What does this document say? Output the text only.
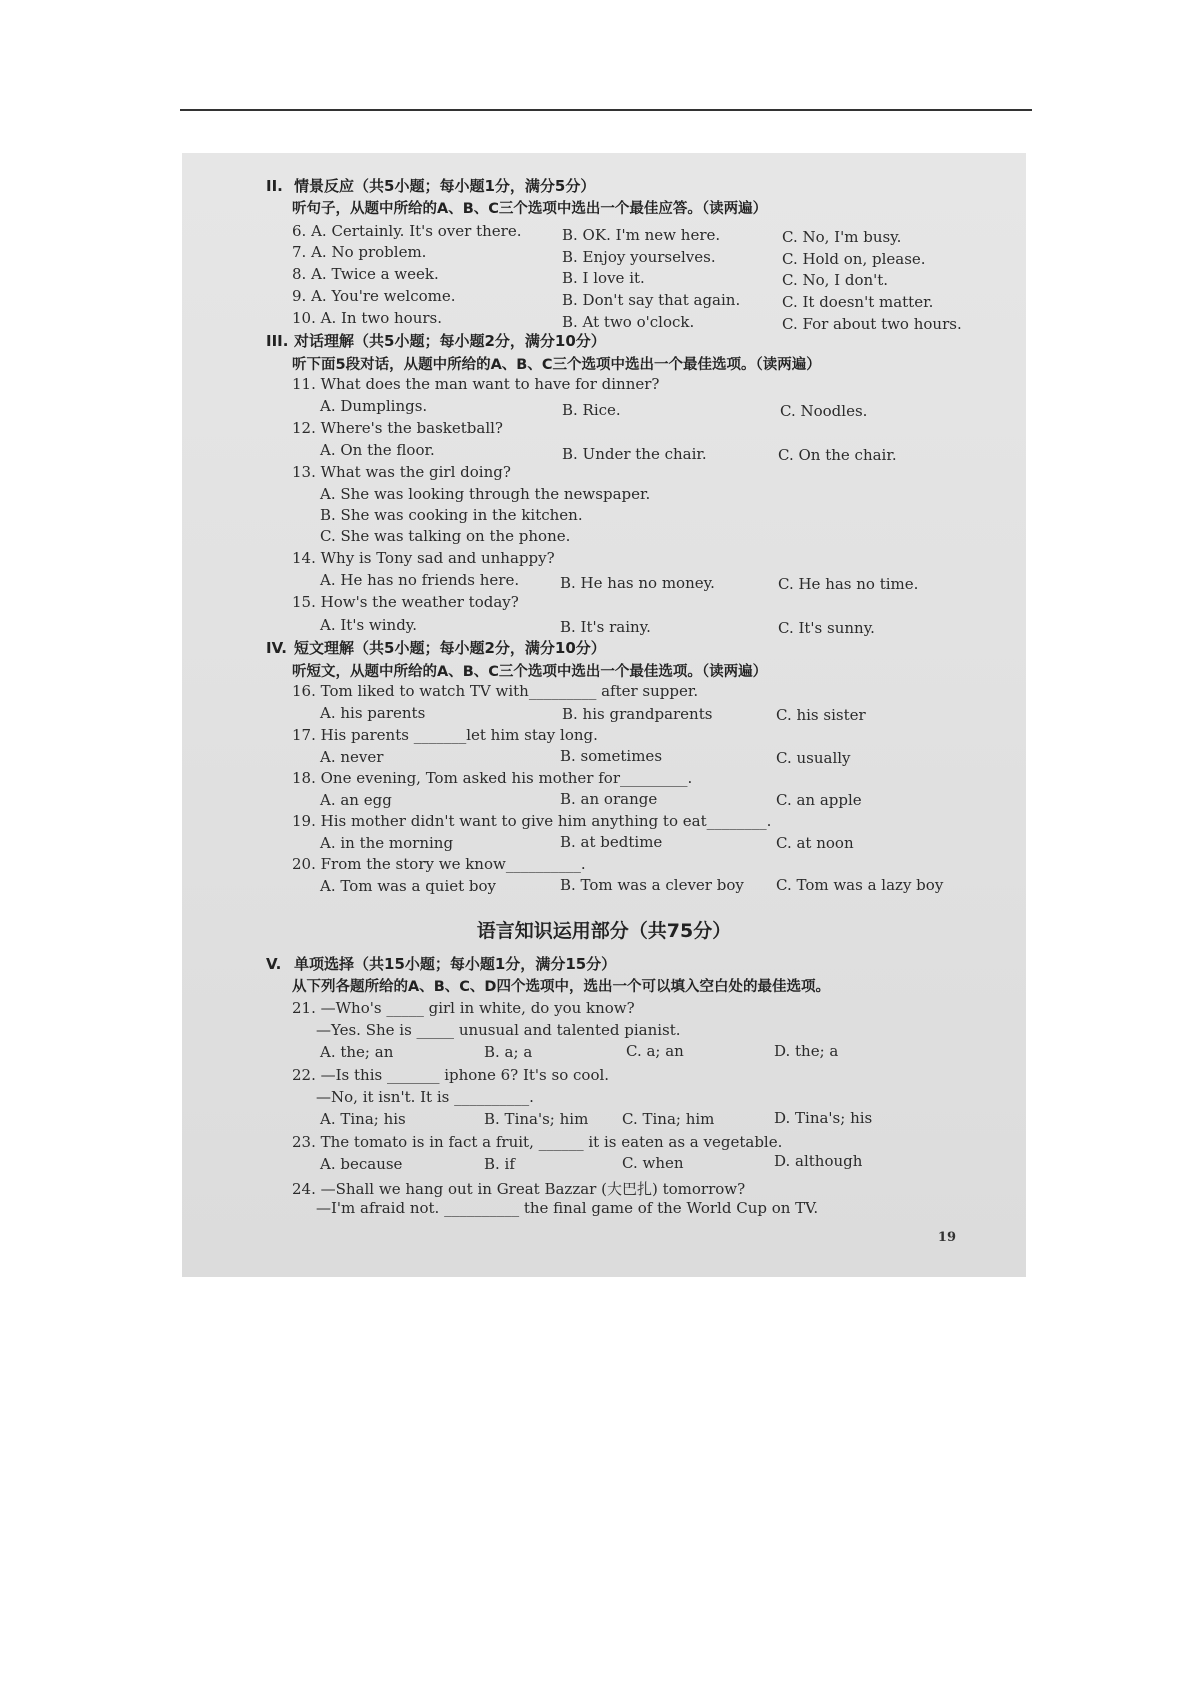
II. 情景反应（共5小题；每小题1分，满分5分）
听句子，从题中所给的A、B、C三个选项中选出一个最佳应答。（读两遍）
6. A. Certainly. It's over there.	B. OK. I'm new here.	C. No, I'm busy.
7. A. No problem.	B. Enjoy yourselves.	C. Hold on, please.
8. A. Twice a week.	B. I love it.	C. No, I don't.
9. A. You're welcome.	B. Don't say that again.	C. It doesn't matter.
10. A. In two hours.	B. At two o'clock.	C. For about two hours.
III. 对话理解（共5小题；每小题2分，满分10分）
听下面5段对话，从题中所给的A、B、C三个选项中选出一个最佳选项。（读两遍）
11. What does the man want to have for dinner?
A. Dumplings.	B. Rice.	C. Noodles.
12. Where's the basketball?
A. On the floor.	B. Under the chair.	C. On the chair.
13. What was the girl doing?
A. She was looking through the newspaper.
B. She was cooking in the kitchen.
C. She was talking on the phone.
14. Why is Tony sad and unhappy?
A. He has no friends here.	B. He has no money.	C. He has no time.
15. How's the weather today?
A. It's windy.	B. It's rainy.	C. It's sunny.
IV. 短文理解（共5小题；每小题2分，满分10分）
听短文，从题中所给的A、B、C三个选项中选出一个最佳选项。（读两遍）
16. Tom liked to watch TV with_________ after supper.
A. his parents	B. his grandparents	C. his sister
17. His parents _______let him stay long.
A. never	B. sometimes	C. usually
18. One evening, Tom asked his mother for_________.
A. an egg	B. an orange	C. an apple
19. His mother didn't want to give him anything to eat________.
A. in the morning	B. at bedtime	C. at noon
20. From the story we know__________.
A. Tom was a quiet boy	B. Tom was a clever boy C. Tom was a lazy boy
语言知识运用部分（共75分）
V. 单项选择（共15小题；每小题1分，满分15分）
从下列各题所给的A、B、C、D四个选项中，选出一个可以填入空白处的最佳选项。
21. —Who's _____ girl in white, do you know?
—Yes. She is _____ unusual and talented pianist.
A. the; an	B. a; a	C. a; an	D. the; a
22. —Is this _______ iphone 6? It's so cool.
—No, it isn't. It is __________.
A. Tina; his	B. Tina's; him C. Tina; him	D. Tina's; his
23. The tomato is in fact a fruit, ______ it is eaten as a vegetable.
A. because	B. if	C. when	D. although
24. —Shall we hang out in Great Bazzar (大巴扎) tomorrow?
—I'm afraid not. __________ the final game of the World Cup on TV.
19
